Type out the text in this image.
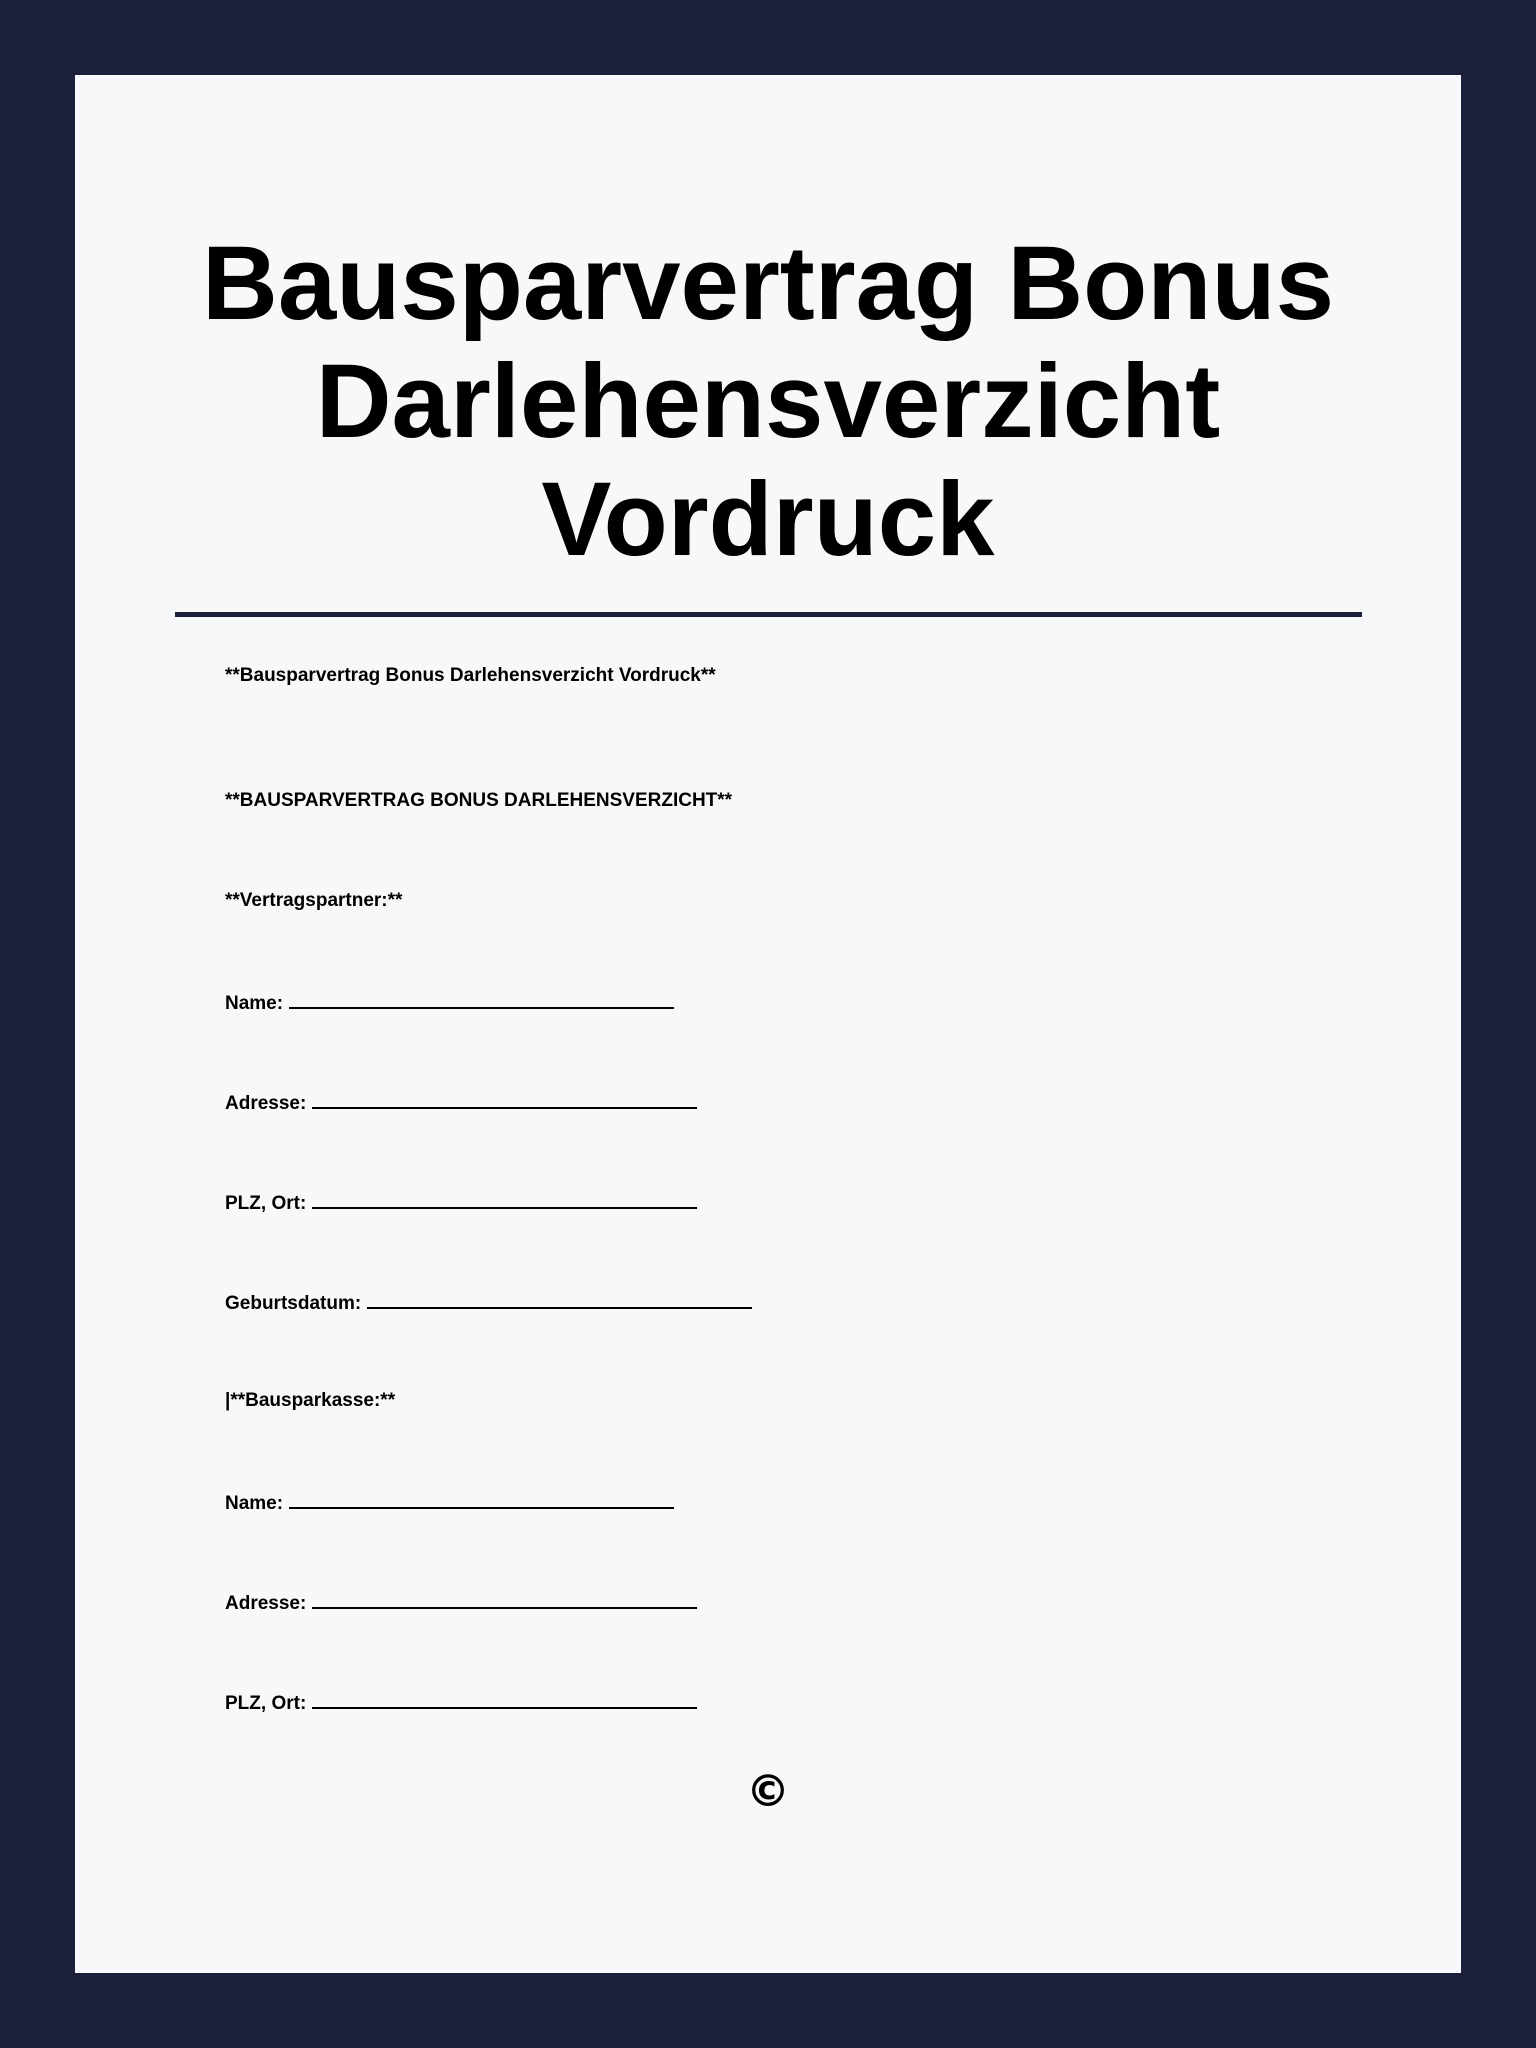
Bausparvertrag Bonus
Darlehensverzicht
Vordruck
**Bausparvertrag Bonus Darlehensverzicht Vordruck**
**BAUSPARVERTRAG BONUS DARLEHENSVERZICHT**
**Vertragspartner:**
Name:
Adresse:
PLZ, Ort:
Geburtsdatum:
|**Bausparkasse:**
Name:
Adresse:
PLZ, Ort:
©
